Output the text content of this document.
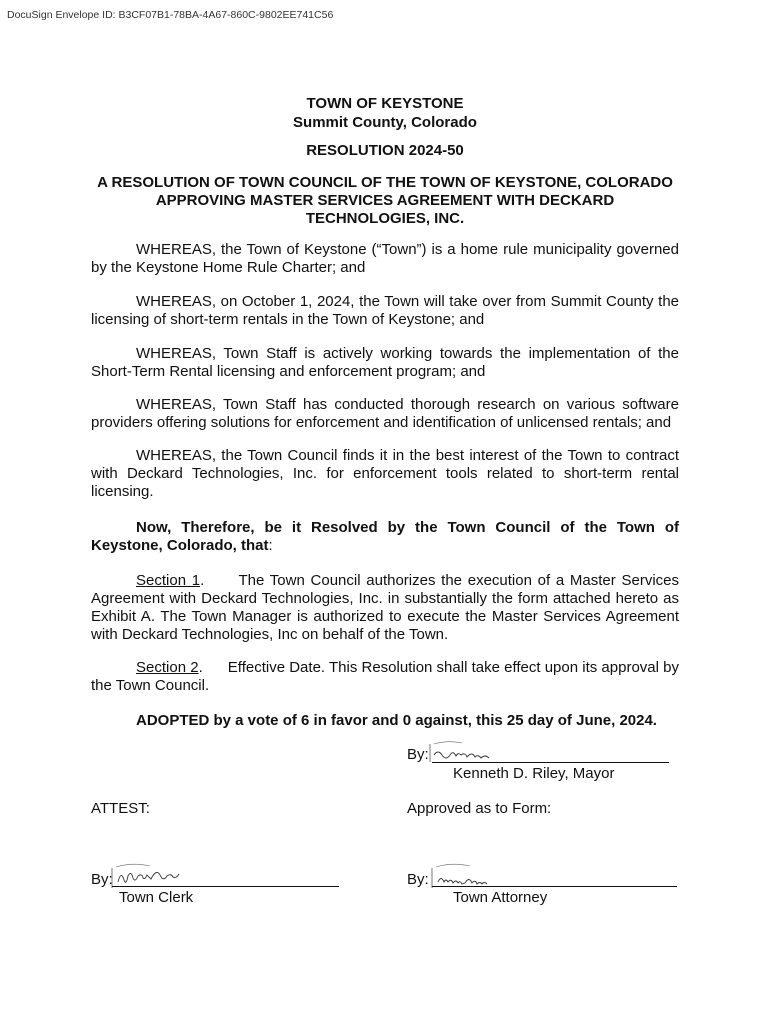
DocuSign Envelope ID: B3CF07B1-78BA-4A67-860C-9802EE741C56
TOWN OF KEYSTONE
Summit County, Colorado
RESOLUTION 2024-50
A RESOLUTION OF TOWN COUNCIL OF THE TOWN OF KEYSTONE, COLORADO
APPROVING MASTER SERVICES AGREEMENT WITH DECKARD
TECHNOLOGIES, INC.

WHEREAS, the Town of Keystone (“Town”) is a home rule municipality governed by the Keystone Home Rule Charter; and

WHEREAS, on October 1, 2024, the Town will take over from Summit County the licensing of short-term rentals in the Town of Keystone; and

WHEREAS, Town Staff is actively working towards the implementation of the Short-Term Rental licensing and enforcement program; and

WHEREAS, Town Staff has conducted thorough research on various software providers offering solutions for enforcement and identification of unlicensed rentals; and

WHEREAS, the Town Council finds it in the best interest of the Town to contract with Deckard Technologies, Inc. for enforcement tools related to short-term rental licensing.

Now, Therefore, be it Resolved by the Town Council of the Town of Keystone, Colorado, that:

Section 1.      The Town Council authorizes the execution of a Master Services Agreement with Deckard Technologies, Inc. in substantially the form attached hereto as Exhibit A. The Town Manager is authorized to execute the Master Services Agreement with Deckard Technologies, Inc on behalf of the Town.

Section 2.      Effective Date. This Resolution shall take effect upon its approval by the Town Council.

ADOPTED by a vote of 6 in favor and 0 against, this 25 day of June, 2024.
By:
Kenneth D. Riley, Mayor
ATTEST:	Approved as to Form:
By:
Town Clerk
By:
Town Attorney
